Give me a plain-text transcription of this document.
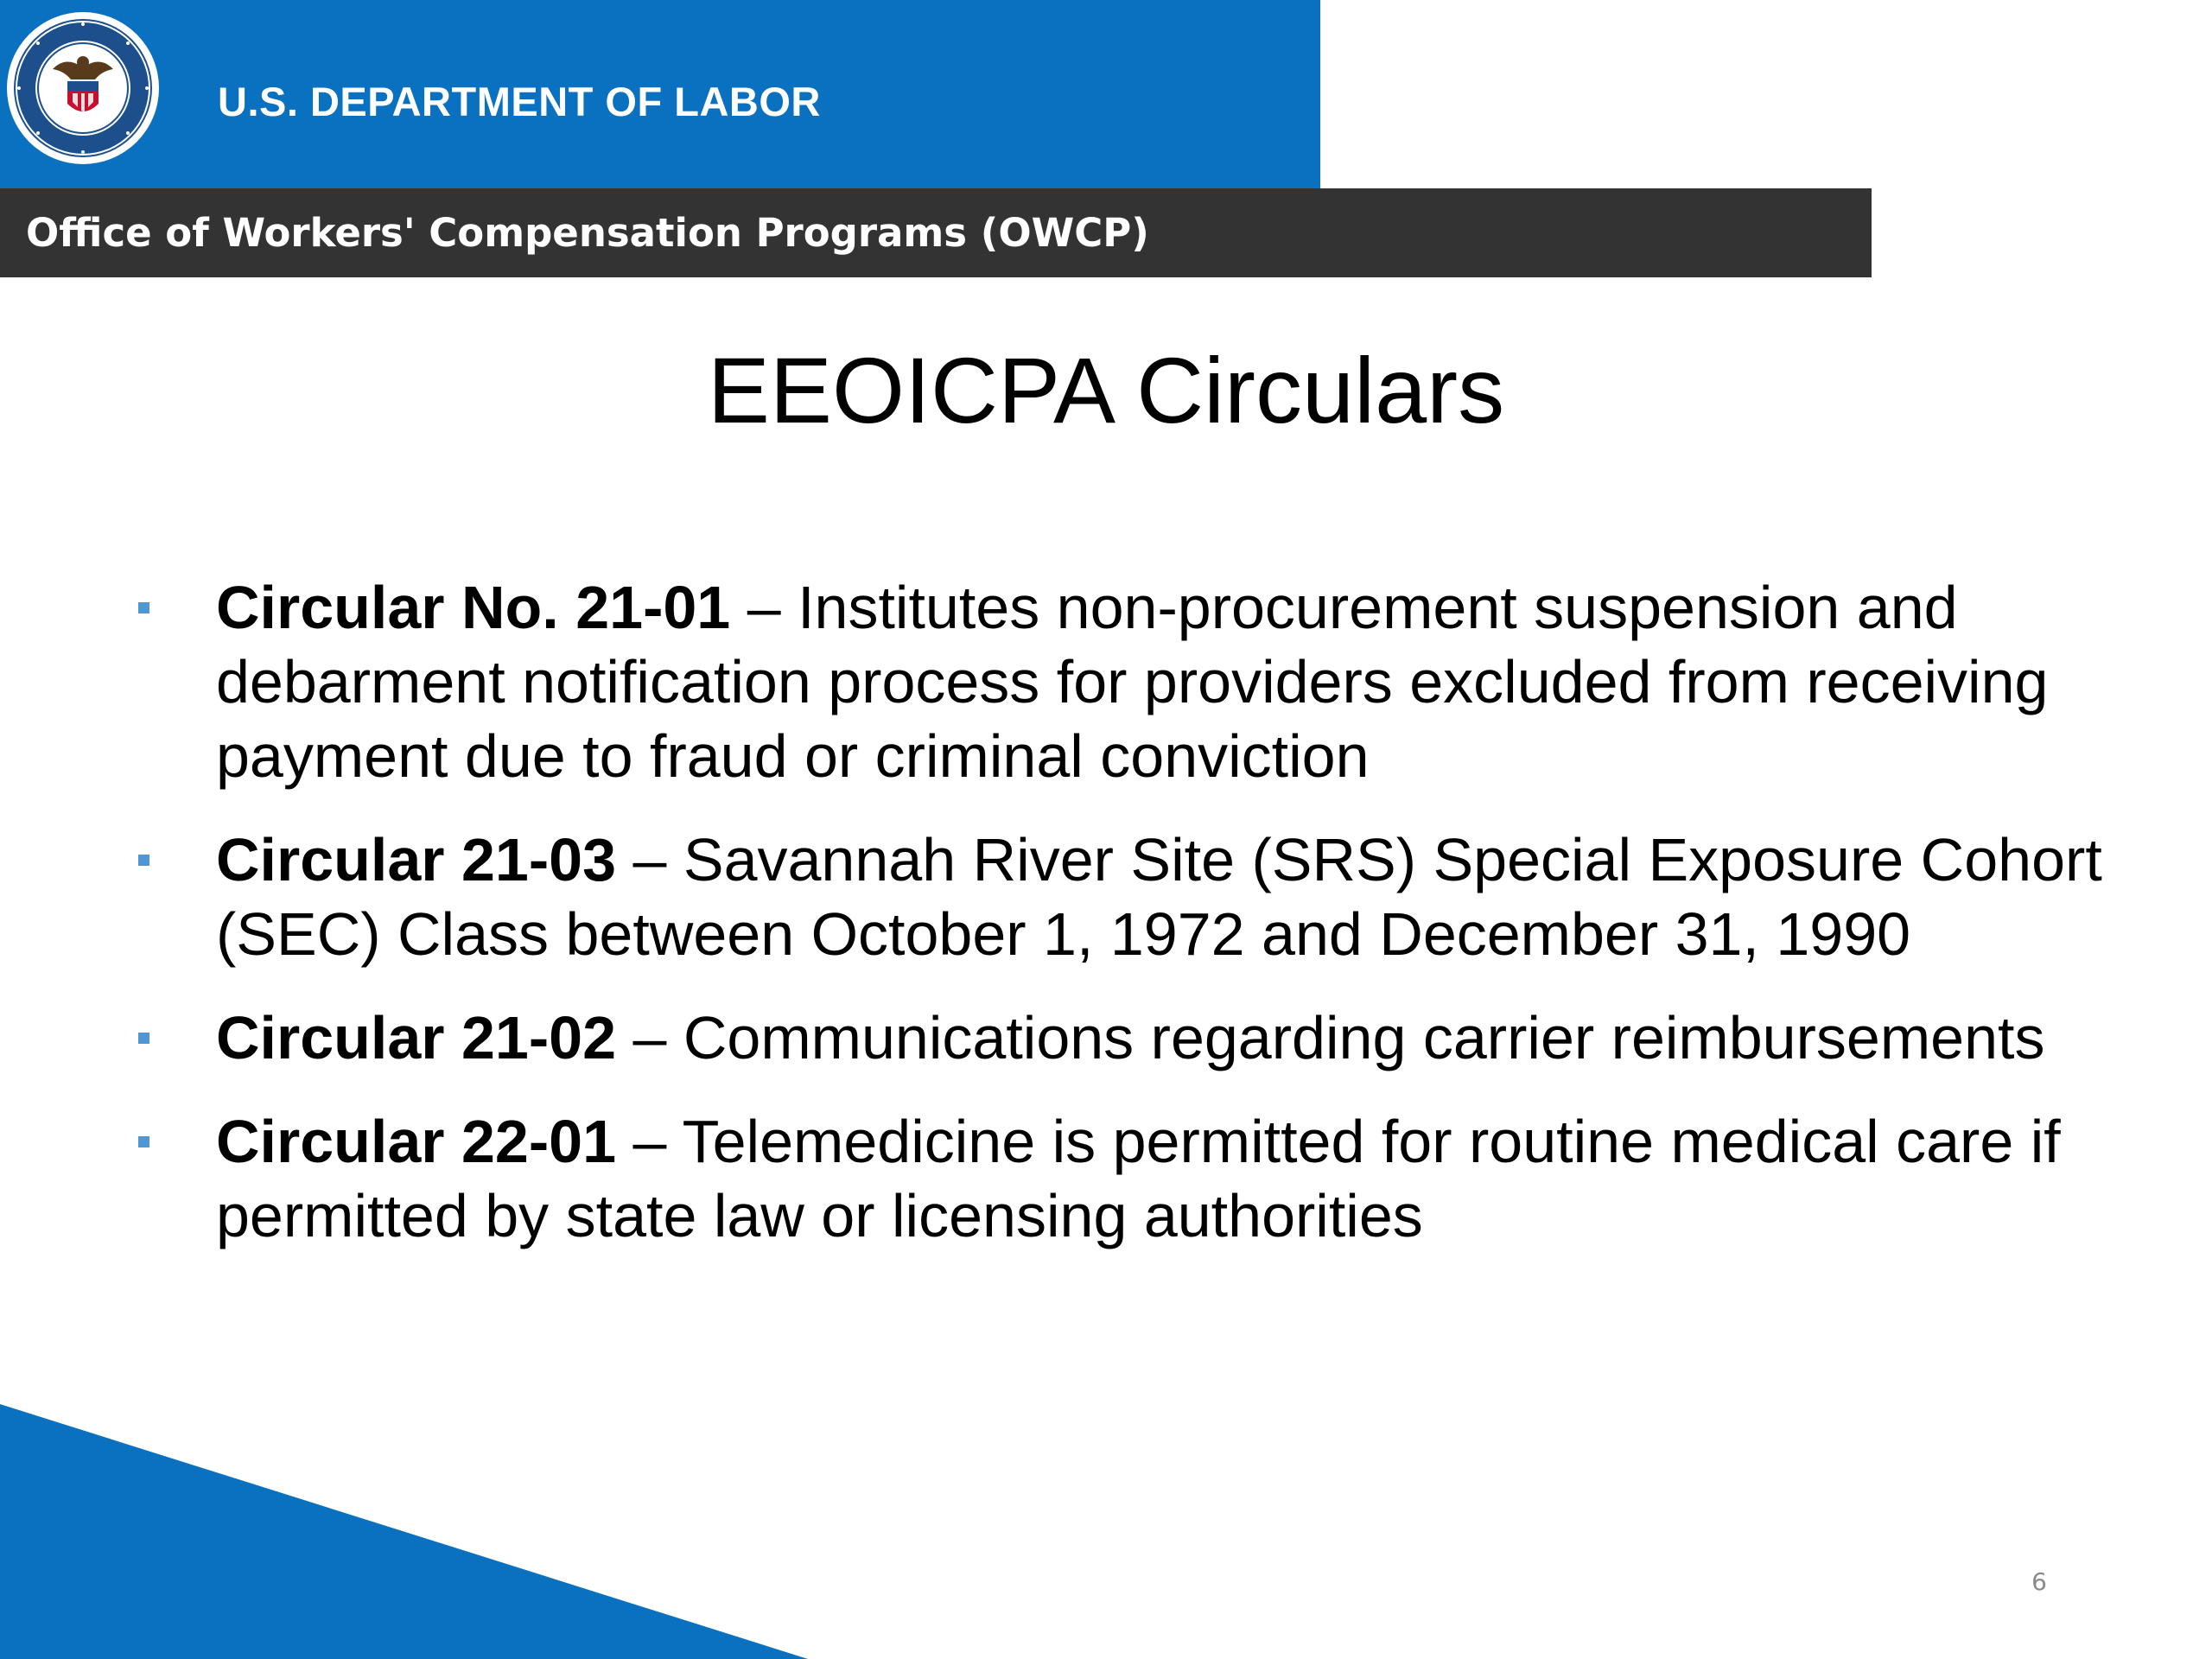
U.S. DEPARTMENT OF LABOR
Office of Workers' Compensation Programs (OWCP)
EEOICPA Circulars
Circular No. 21-01 – Institutes non-procurement suspension and debarment notification process for providers excluded from receiving payment due to fraud or criminal conviction
Circular 21-03 – Savannah River Site (SRS) Special Exposure Cohort (SEC) Class between October 1, 1972 and December 31, 1990
Circular 21-02 – Communications regarding carrier reimbursements
Circular 22-01 – Telemedicine is permitted for routine medical care if permitted by state law or licensing authorities
6
